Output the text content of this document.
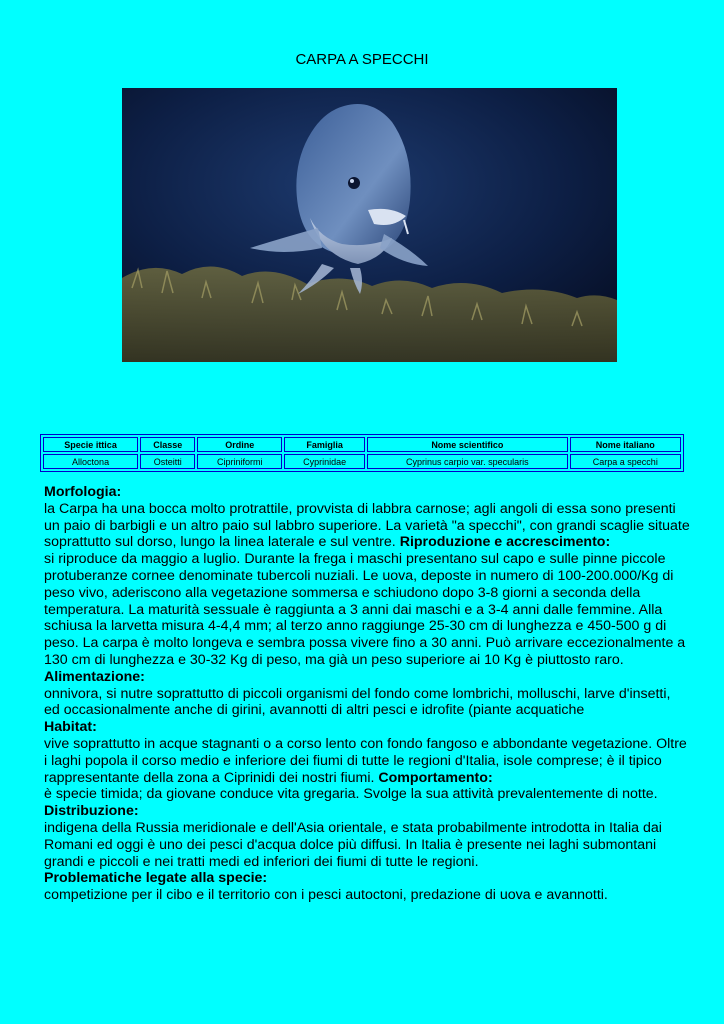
CARPA A SPECCHI
Specie ittica	Classe	Ordine	Famiglia	Nome scientifico	Nome italiano
Alloctona	Osteitti	Cipriniformi	Cyprinidae	Cyprinus carpio var. specularis	Carpa a specchi

Morfologia:
la Carpa ha una bocca molto protrattile, provvista di labbra carnose; agli angoli di essa sono presenti un paio di barbigli e un altro paio sul labbro superiore. La varietà "a specchi", con grandi scaglie situate soprattutto sul dorso, lungo la linea laterale e sul ventre. Riproduzione e accrescimento:
si riproduce da maggio a luglio. Durante la frega i maschi presentano sul capo e sulle pinne piccole protuberanze cornee denominate tubercoli nuziali. Le uova, deposte in numero di 100-200.000/Kg di peso vivo, aderiscono alla vegetazione sommersa e schiudono dopo 3-8 giorni a seconda della temperatura. La maturità sessuale è raggiunta a 3 anni dai maschi e a 3-4 anni dalle femmine. Alla schiusa la larvetta misura 4-4,4 mm; al terzo anno raggiunge 25-30 cm di lunghezza e 450-500 g di peso. La carpa è molto longeva e sembra possa vivere fino a 30 anni. Può arrivare eccezionalmente a 130 cm di lunghezza e 30-32 Kg di peso, ma già un peso superiore ai 10 Kg è piuttosto raro.
Alimentazione:
onnivora, si nutre soprattutto di piccoli organismi del fondo come lombrichi, molluschi, larve d'insetti, ed occasionalmente anche di girini, avannotti di altri pesci e idrofite (piante acquatiche
Habitat:
vive soprattutto in acque stagnanti o a corso lento con fondo fangoso e abbondante vegetazione. Oltre i laghi popola il corso medio e inferiore dei fiumi di tutte le regioni d'Italia, isole comprese; è il tipico rappresentante della zona a Ciprinidi dei nostri fiumi. Comportamento:
è specie timida; da giovane conduce vita gregaria. Svolge la sua attività prevalentemente di notte.
Distribuzione:
indigena della Russia meridionale e dell'Asia orientale, e stata probabilmente introdotta in Italia dai Romani ed oggi è uno dei pesci d'acqua dolce più diffusi. In Italia è presente nei laghi submontani grandi e piccoli e nei tratti medi ed inferiori dei fiumi di tutte le regioni.
Problematiche legate alla specie:
competizione per il cibo e il territorio con i pesci autoctoni, predazione di uova e avannotti.
